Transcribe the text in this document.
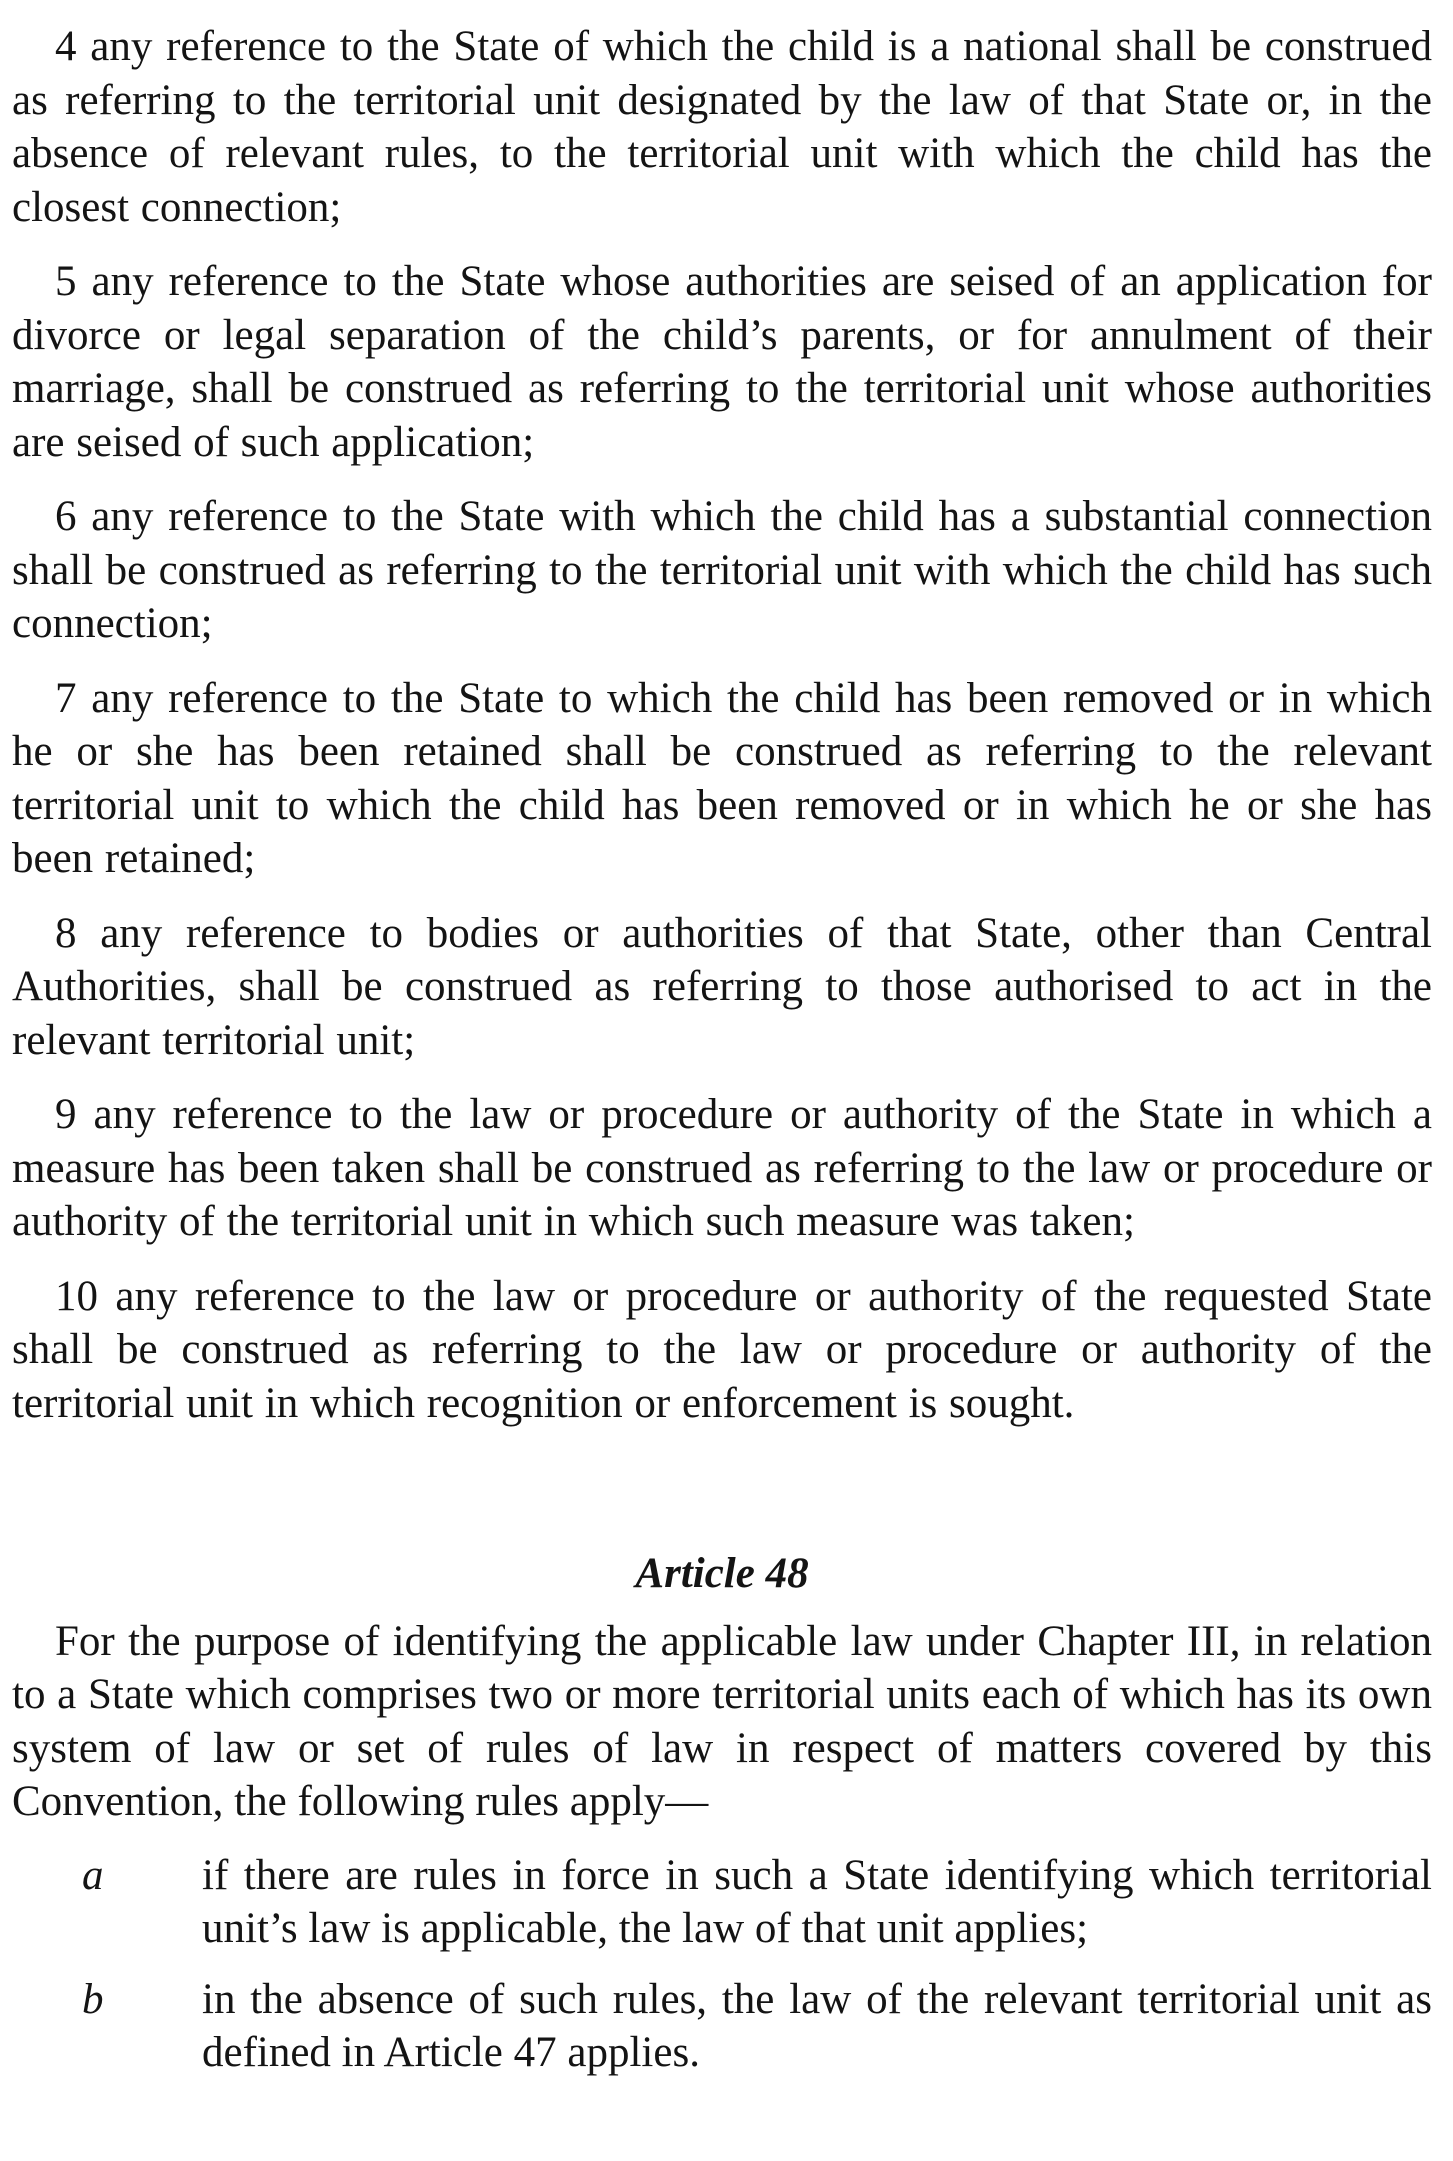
4 any reference to the State of which the child is a national shall be construed as referring to the territorial unit designated by the law of that State or, in the absence of relevant rules, to the territorial unit with which the child has the closest connection;

5 any reference to the State whose authorities are seised of an application for divorce or legal separation of the child’s parents, or for annulment of their marriage, shall be construed as referring to the territorial unit whose authorities are seised of such application;

6 any reference to the State with which the child has a substantial connection shall be construed as referring to the territorial unit with which the child has such connection;

7 any reference to the State to which the child has been removed or in which he or she has been retained shall be construed as referring to the relevant territorial unit to which the child has been removed or in which he or she has been retained;

8 any reference to bodies or authorities of that State, other than Central Authorities, shall be construed as referring to those authorised to act in the relevant territorial unit;

9 any reference to the law or procedure or authority of the State in which a measure has been taken shall be construed as referring to the law or procedure or authority of the territorial unit in which such measure was taken;

10 any reference to the law or procedure or authority of the requested State shall be construed as referring to the law or procedure or authority of the territorial unit in which recognition or enforcement is sought.

Article 48

For the purpose of identifying the applicable law under Chapter III, in relation to a State which comprises two or more territorial units each of which has its own system of law or set of rules of law in respect of matters covered by this Convention, the following rules apply—

a	if there are rules in force in such a State identifying which territorial unit’s law is applicable, the law of that unit applies;
b	in the absence of such rules, the law of the relevant territorial unit as defined in Article 47 applies.
